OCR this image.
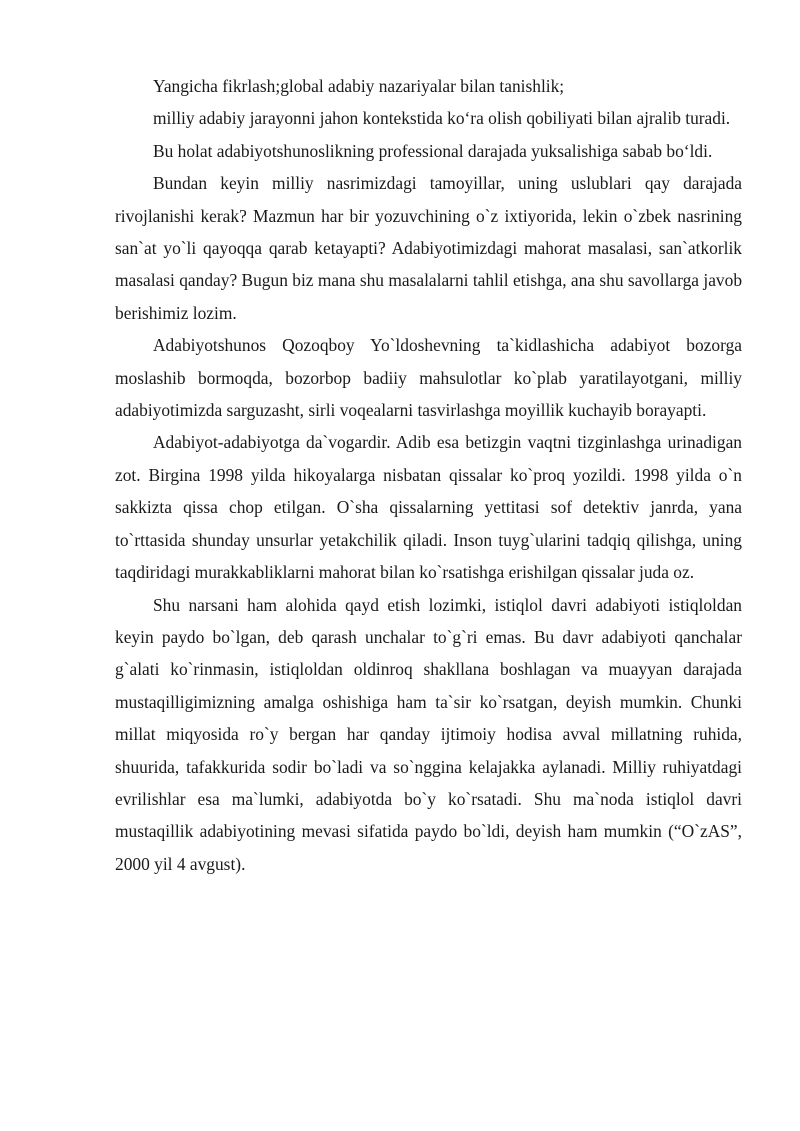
Yangicha fikrlash;global adabiy nazariyalar bilan tanishlik;

milliy adabiy jarayonni jahon kontekstida ko‘ra olish qobiliyati bilan ajralib turadi.

Bu holat adabiyotshunoslikning professional darajada yuksalishiga sabab bo‘ldi.

Bundan keyin milliy nasrimizdagi tamoyillar, uning uslublari qay darajada rivojlanishi kerak? Mazmun har bir yozuvchining o`z ixtiyorida, lekin o`zbek nasrining san`at yo`li qayoqqa qarab ketayapti? Adabiyotimizdagi mahorat masalasi, san`atkorlik masalasi qanday? Bugun biz mana shu masalalarni tahlil etishga, ana shu savollarga javob berishimiz lozim.

Adabiyotshunos Qozoqboy Yo`ldoshevning ta`kidlashicha adabiyot bozorga moslashib bormoqda, bozorbop badiiy mahsulotlar ko`plab yaratilayotgani, milliy adabiyotimizda sarguzasht, sirli voqealarni tasvirlashga moyillik kuchayib borayapti.

Adabiyot-adabiyotga da`vogardir. Adib esa betizgin vaqtni tizginlashga urinadigan zot. Birgina 1998 yilda hikoyalarga nisbatan qissalar ko`proq yozildi. 1998 yilda o`n sakkizta qissa chop etilgan. O`sha qissalarning yettitasi sof detektiv janrda, yana to`rttasida shunday unsurlar yetakchilik qiladi. Inson tuyg`ularini tadqiq qilishga, uning taqdiridagi murakkabliklarni mahorat bilan ko`rsatishga erishilgan qissalar juda oz.

Shu narsani ham alohida qayd etish lozimki, istiqlol davri adabiyoti istiqloldan keyin paydo bo`lgan, deb qarash unchalar to`g`ri emas. Bu davr adabiyoti qanchalar g`alati ko`rinmasin, istiqloldan oldinroq shakllana boshlagan va muayyan darajada mustaqilligimizning amalga oshishiga ham ta`sir ko`rsatgan, deyish mumkin. Chunki millat miqyosida ro`y bergan har qanday ijtimoiy hodisa avval millatning ruhida, shuurida, tafakkurida sodir bo`ladi va so`nggina kelajakka aylanadi. Milliy ruhiyatdagi evrilishlar esa ma`lumki, adabiyotda bo`y ko`rsatadi. Shu ma`noda istiqlol davri mustaqillik adabiyotining mevasi sifatida paydo bo`ldi, deyish ham mumkin (“O`zAS”, 2000 yil 4 avgust).
